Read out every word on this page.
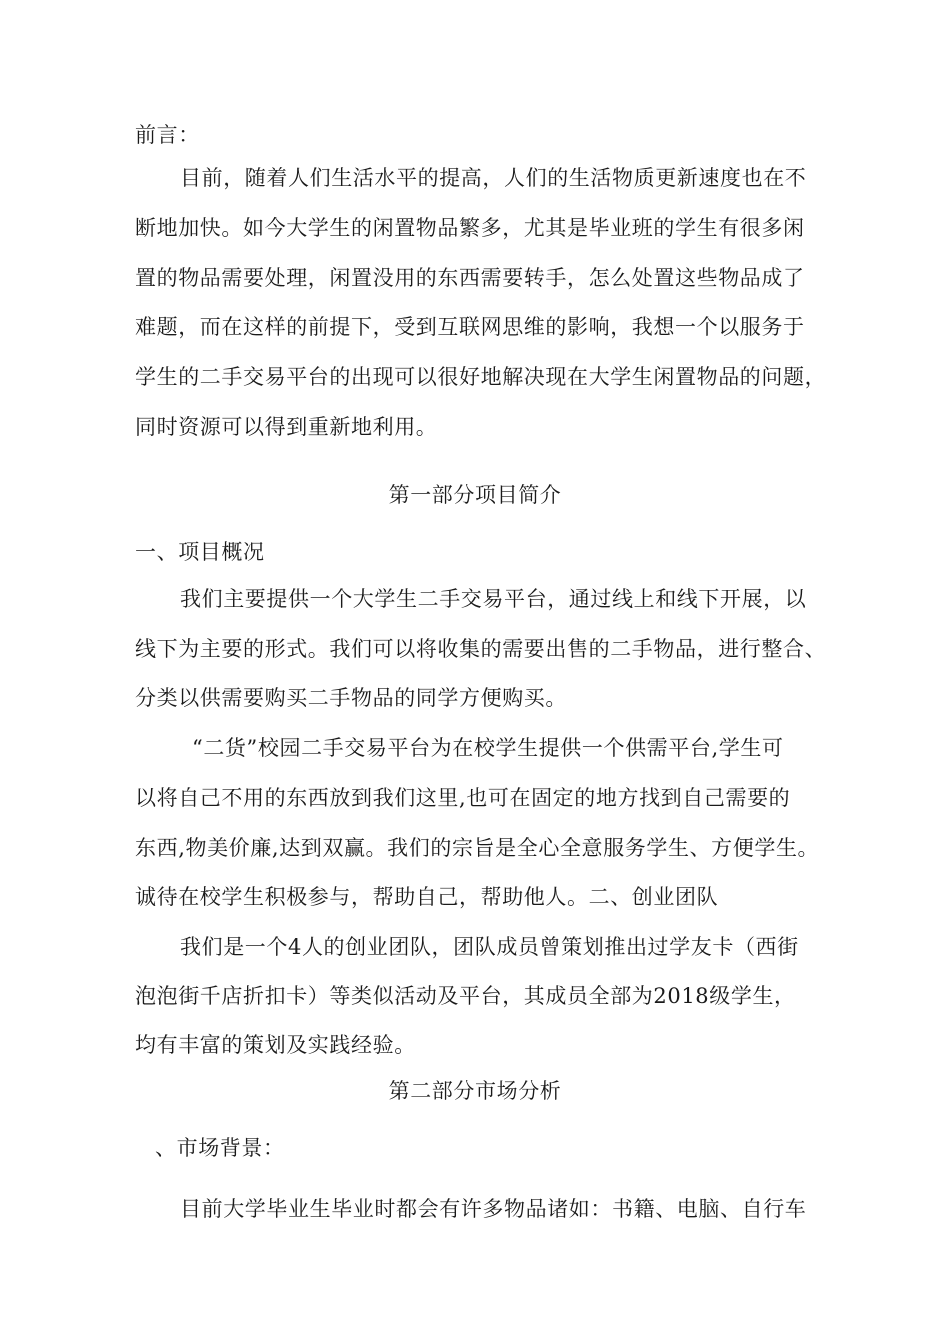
前言：
目前，随着人们生活水平的提高，人们的生活物质更新速度也在不
断地加快。如今大学生的闲置物品繁多，尤其是毕业班的学生有很多闲
置的物品需要处理，闲置没用的东西需要转手，怎么处置这些物品成了
难题，而在这样的前提下，受到互联网思维的影响，我想一个以服务于
学生的二手交易平台的出现可以很好地解决现在大学生闲置物品的问题，
同时资源可以得到重新地利用。
第一部分项目简介
一、项目概况
我们主要提供一个大学生二手交易平台，通过线上和线下开展，以
线下为主要的形式。我们可以将收集的需要出售的二手物品，进行整合、
分类以供需要购买二手物品的同学方便购买。
“二货”校园二手交易平台为在校学生提供一个供需平台,学生可
以将自己不用的东西放到我们这里,也可在固定的地方找到自己需要的
东西,物美价廉,达到双赢。我们的宗旨是全心全意服务学生、方便学生。
诚待在校学生积极参与，帮助自己，帮助他人。二、创业团队
我们是一个4人的创业团队，团队成员曾策划推出过学友卡（西街
泡泡街千店折扣卡）等类似活动及平台，其成员全部为2018级学生，
均有丰富的策划及实践经验。
第二部分市场分析
、市场背景：
目前大学毕业生毕业时都会有许多物品诸如：书籍、电脑、自行车
